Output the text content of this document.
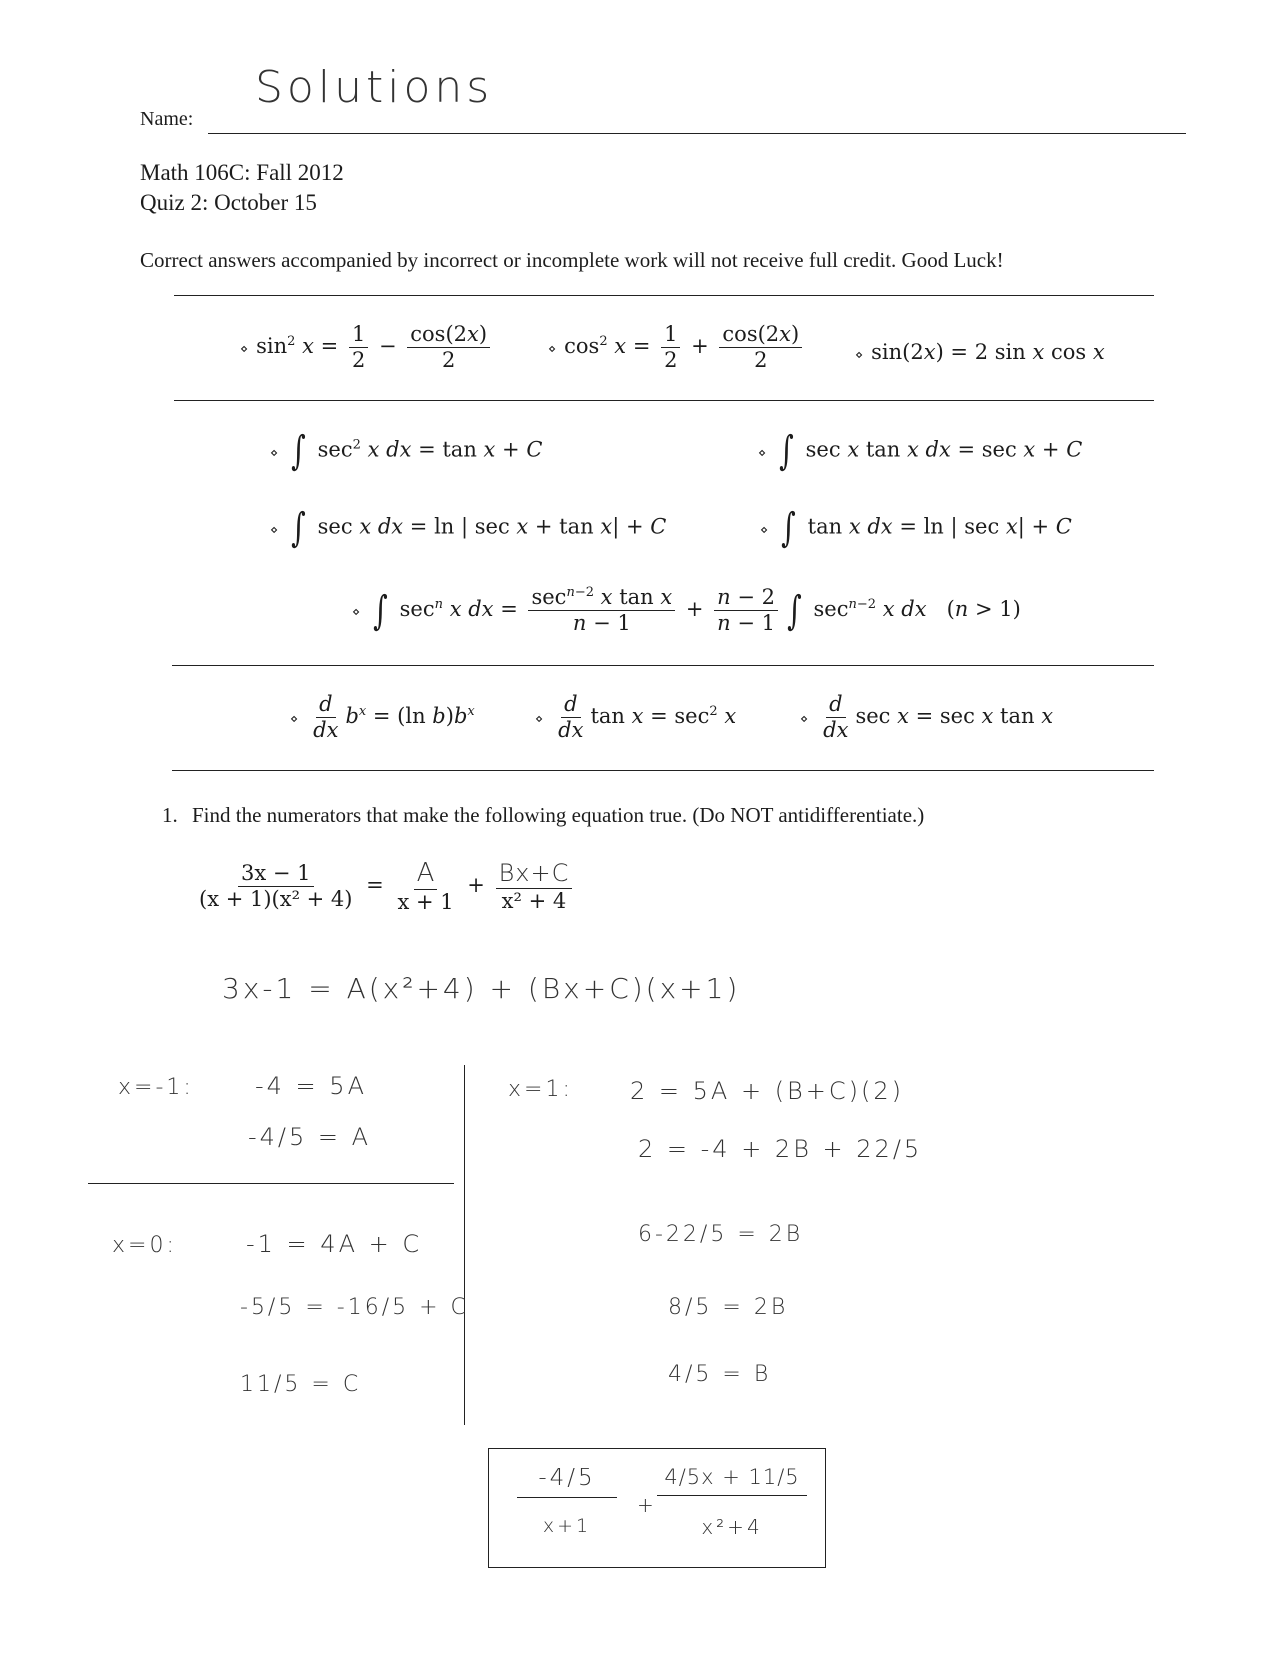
Name:
Solutions
Math 106C: Fall 2012
Quiz 2: October 15
Correct answers accompanied by incorrect or incomplete work will not receive full credit. Good Luck!
⋄ $\sin^2 x = \frac{1}{2} - \frac{\cos(2x)}{2}$	⋄ $\cos^2 x = \frac{1}{2} + \frac{\cos(2x)}{2}$	⋄ sin(2x) = 2 sin x cos x
⋄ ∫ $\sec^2 x$ dx = tan x + C	⋄ ∫ sec x tan x dx = sec x + C
⋄ ∫ sec x dx = ln | sec x + tan x| + C	⋄ ∫ tan x dx = ln | sec x| + C
⋄ ∫ $\sec^n x$ dx = $\frac{\sec^{n-2} x \tan x}{n - 1} + \frac{n - 2}{n - 1}$ ∫ $\sec^{n-2} x$ dx   (n > 1)
⋄ $\frac{d}{dx} b^x = (\ln$ $b)b^x$
⋄ $\frac{d}{dx}$ $\tan x = \sec^2 x$	⋄ $\frac{d}{dx}$ sec x = sec x tan x
1. Find the numerators that make the following equation true. (Do NOT antidifferentiate.)
$\frac{3x - 1}{\text{(x + 1)(x² + 4)}} = \frac{A}{x + 1} + \frac{Bx+C}{\text{x² + 4}}$
3x-1 = A(x²+4) + (Bx+C)(x+1)
x=-1:	-4 = 5A
-4/5 = A
x=0:	-1 = 4A + C
-5/5 = -16/5 + C
11/5 = C
x=1: 2 = 5A + (B+C)(2)
2 = -4 + 2B + 22/5
6-22/5 = 2B
8/5 = 2B
4/5 = B
-4/5
x+1
+
4/5x + 11/5
x²+4
